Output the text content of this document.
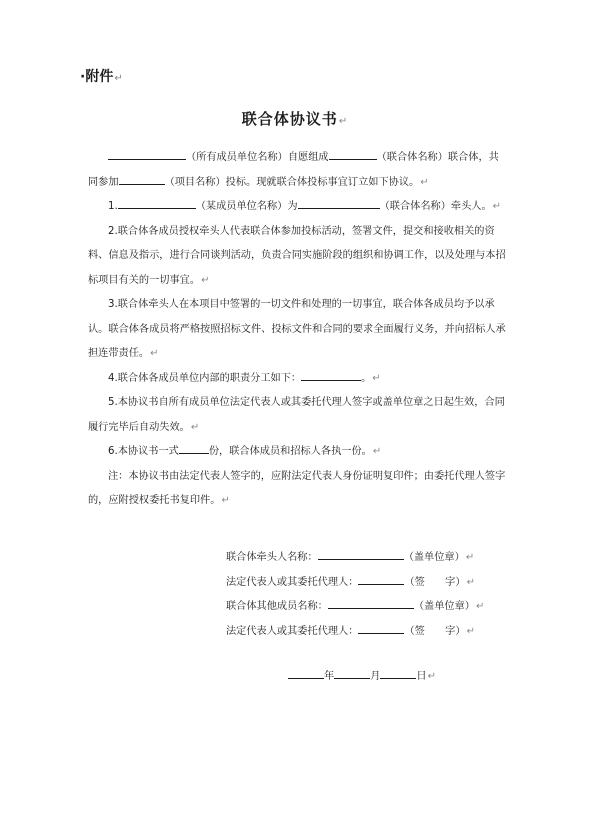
·附件↵
联合体协议书↵

（所有成员单位名称）自愿组成	（联合体名称）联合体，共同参加	（项目名称）投标。现就联合体投标事宜订立如下协议。↵

1.	（某成员单位名称）为	（联合体名称）牵头人。↵

2.联合体各成员授权牵头人代表联合体参加投标活动，签署文件，提交和接收相关的资料、信息及指示，进行合同谈判活动，负责合同实施阶段的组织和协调工作，以及处理与本招标项目有关的一切事宜。↵

3.联合体牵头人在本项目中签署的一切文件和处理的一切事宜，联合体各成员均予以承认。联合体各成员将严格按照招标文件、投标文件和合同的要求全面履行义务，并向招标人承担连带责任。↵

4.联合体各成员单位内部的职责分工如下：	。↵

5.本协议书自所有成员单位法定代表人或其委托代理人签字或盖单位章之日起生效，合同履行完毕后自动失效。↵

6.本协议书一式	份，联合体成员和招标人各执一份。↵

注：本协议书由法定代表人签字的，应附法定代表人身份证明复印件；由委托代理人签字的，应附授权委托书复印件。↵

联合体牵头人名称：	（盖单位章）↵
法定代表人或其委托代理人：	（签　　字）↵
联合体其他成员名称：	（盖单位章）↵
法定代表人或其委托代理人：	（签　　字）↵
年	月	日↵
